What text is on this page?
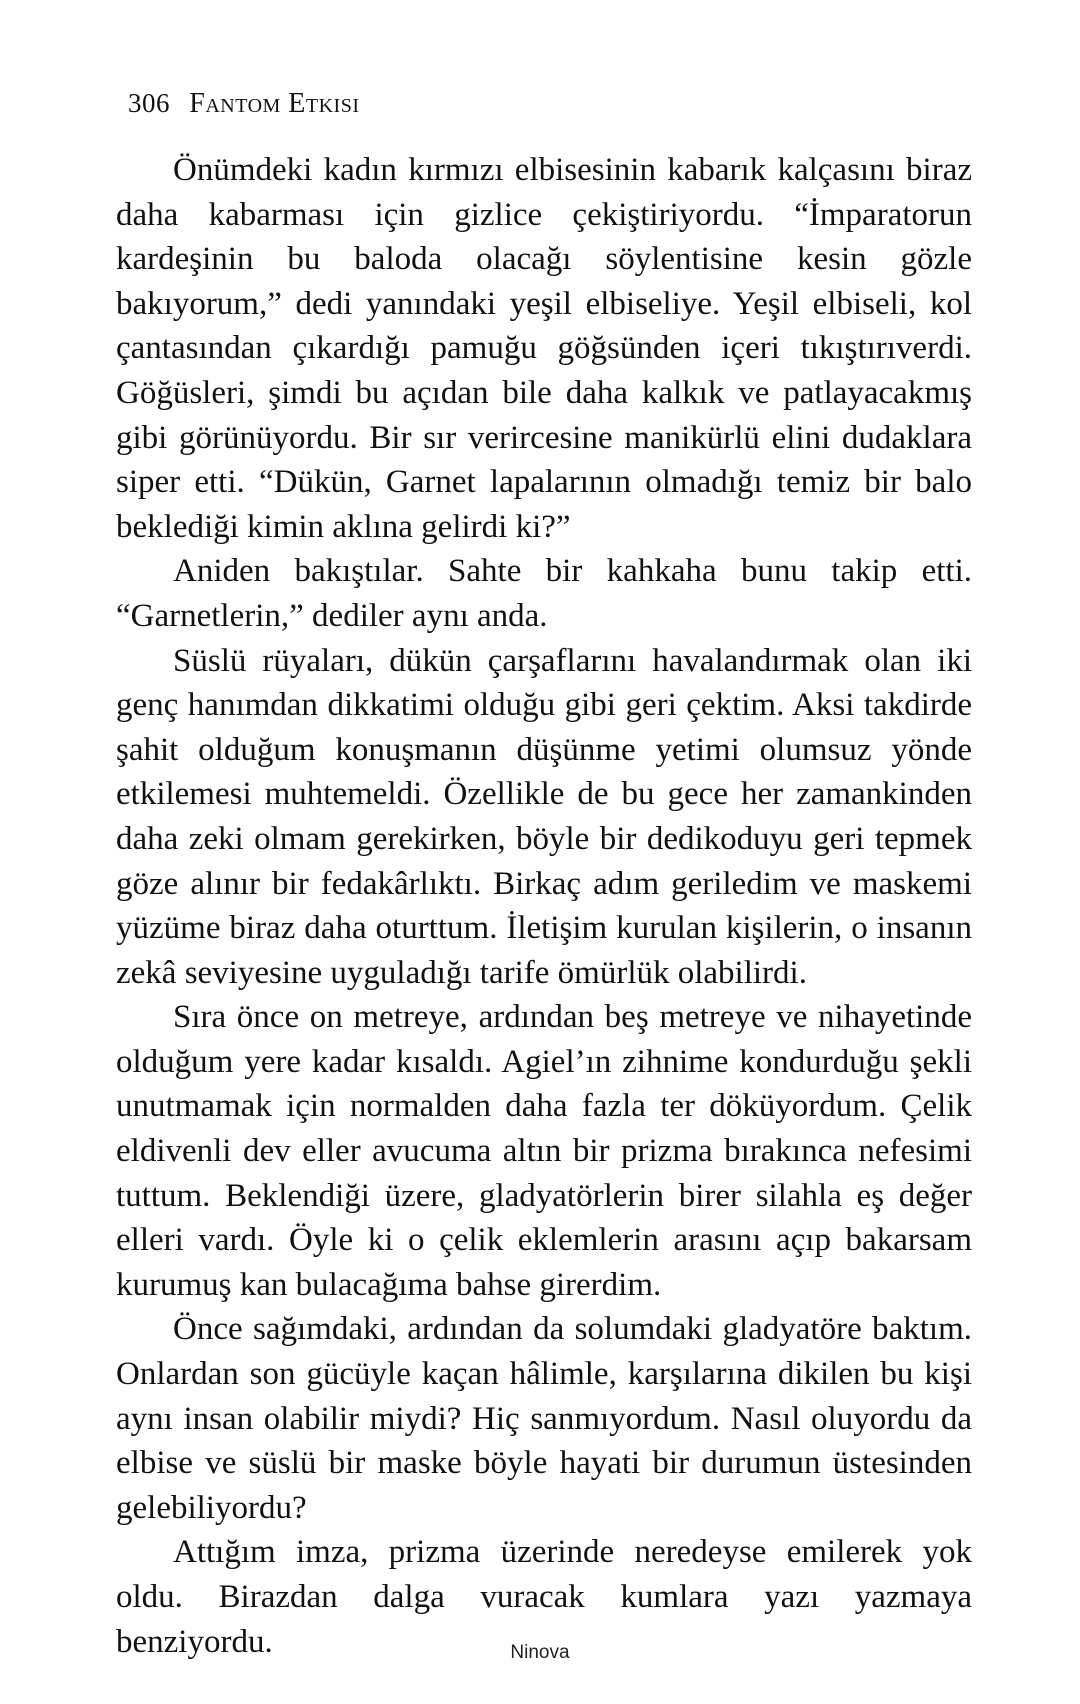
306 Fantom Etkisi

Önümdeki kadın kırmızı elbisesinin kabarık kalçasını biraz daha kabarması için gizlice çekiştiriyordu. “İmparatorun kardeşinin bu baloda olacağı söylentisine kesin gözle bakıyorum,” dedi yanındaki yeşil elbiseliye. Yeşil elbiseli, kol çantasından çıkardığı pamuğu göğsünden içeri tıkıştırıverdi. Göğüsleri, şimdi bu açıdan bile daha kalkık ve patlayacakmış gibi görünüyordu. Bir sır verircesine manikürlü elini dudaklara siper etti. “Dükün, Garnet lapalarının olmadığı temiz bir balo beklediği kimin aklına gelirdi ki?”

Aniden bakıştılar. Sahte bir kahkaha bunu takip etti. “Garnetlerin,” dediler aynı anda.

Süslü rüyaları, dükün çarşaflarını havalandırmak olan iki genç hanımdan dikkatimi olduğu gibi geri çektim. Aksi takdirde şahit olduğum konuşmanın düşünme yetimi olumsuz yönde etkilemesi muhtemeldi. Özellikle de bu gece her zamankinden daha zeki olmam gerekirken, böyle bir dedikoduyu geri tepmek göze alınır bir fedakârlıktı. Birkaç adım geriledim ve maskemi yüzüme biraz daha oturttum. İletişim kurulan kişilerin, o insanın zekâ seviyesine uyguladığı tarife ömürlük olabilirdi.

Sıra önce on metreye, ardından beş metreye ve nihayetinde olduğum yere kadar kısaldı. Agiel’ın zihnime kondurduğu şekli unutmamak için normalden daha fazla ter döküyordum. Çelik eldivenli dev eller avucuma altın bir prizma bırakınca nefesimi tuttum. Beklendiği üzere, gladyatörlerin birer silahla eş değer elleri vardı. Öyle ki o çelik eklemlerin arasını açıp bakarsam kurumuş kan bulacağıma bahse girerdim.

Önce sağımdaki, ardından da solumdaki gladyatöre baktım. Onlardan son gücüyle kaçan hâlimle, karşılarına dikilen bu kişi aynı insan olabilir miydi? Hiç sanmıyordum. Nasıl oluyordu da elbise ve süslü bir maske böyle hayati bir durumun üstesinden gelebiliyordu?

Attığım imza, prizma üzerinde neredeyse emilerek yok oldu. Birazdan dalga vuracak kumlara yazı yazmaya benziyordu.	Ninova
